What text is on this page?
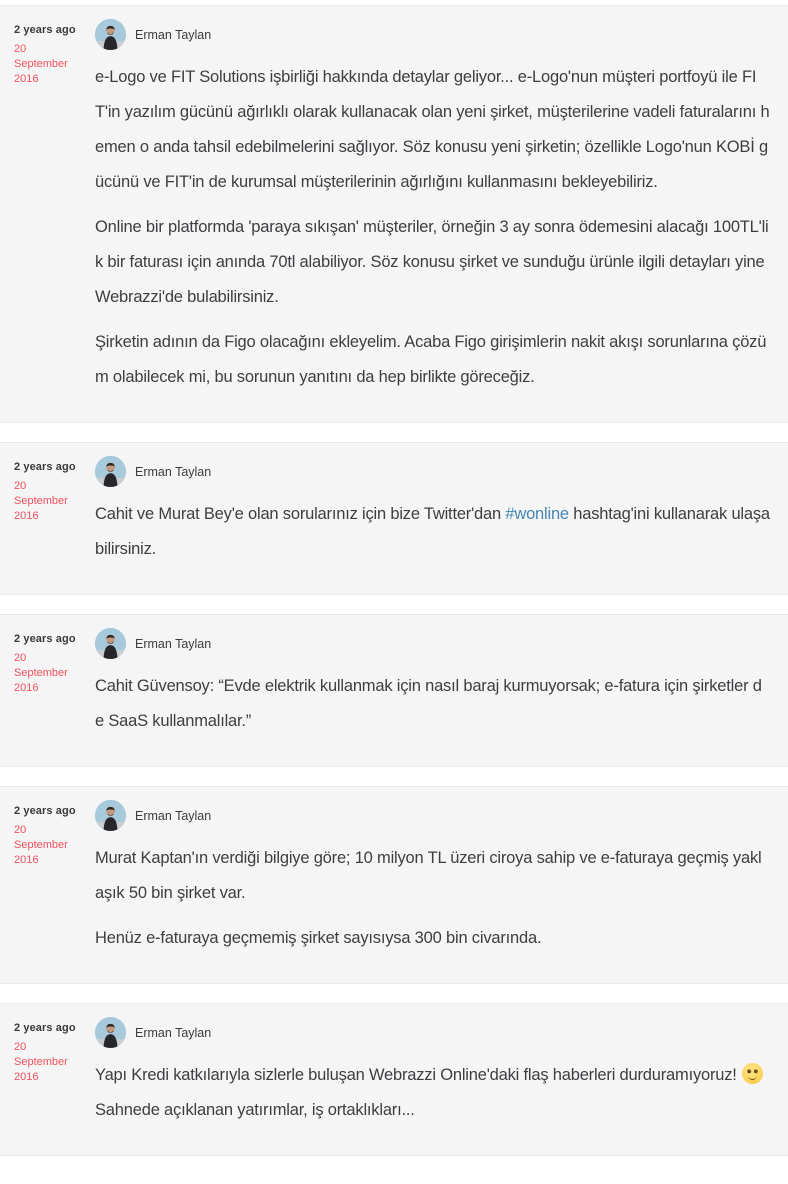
2 years ago
20 September 2016
Erman Taylan

e-Logo ve FIT Solutions işbirliği hakkında detaylar geliyor... e-Logo'nun müşteri portfoyü ile FIT'in yazılım gücünü ağırlıklı olarak kullanacak olan yeni şirket, müşterilerine vadeli faturalarını hemen o anda tahsil edebilmelerini sağlıyor. Söz konusu yeni şirketin; özellikle Logo'nun KOBİ gücünü ve FIT'in de kurumsal müşterilerinin ağırlığını kullanmasını bekleyebiliriz.

Online bir platformda 'paraya sıkışan' müşteriler, örneğin 3 ay sonra ödemesini alacağı 100TL'lik bir faturası için anında 70tl alabiliyor. Söz konusu şirket ve sunduğu ürünle ilgili detayları yine Webrazzi'de bulabilirsiniz.

Şirketin adının da Figo olacağını ekleyelim. Acaba Figo girişimlerin nakit akışı sorunlarına çözüm olabilecek mi, bu sorunun yanıtını da hep birlikte göreceğiz.

2 years ago
20 September 2016
Erman Taylan

Cahit ve Murat Bey'e olan sorularınız için bize Twitter'dan #wonline hashtag'ini kullanarak ulaşabilirsiniz.

2 years ago
20 September 2016
Erman Taylan

Cahit Güvensoy: “Evde elektrik kullanmak için nasıl baraj kurmuyorsak; e-fatura için şirketler de SaaS kullanmalılar.”

2 years ago
20 September 2016
Erman Taylan

Murat Kaptan'ın verdiği bilgiye göre; 10 milyon TL üzeri ciroya sahip ve e-faturaya geçmiş yaklaşık 50 bin şirket var.

Henüz e-faturaya geçmemiş şirket sayısıysa 300 bin civarında.

2 years ago
20 September 2016
Erman Taylan

Yapı Kredi katkılarıyla sizlerle buluşan Webrazzi Online'daki flaş haberleri durduramıyoruz!  Sahnede açıklanan yatırımlar, iş ortaklıkları...
